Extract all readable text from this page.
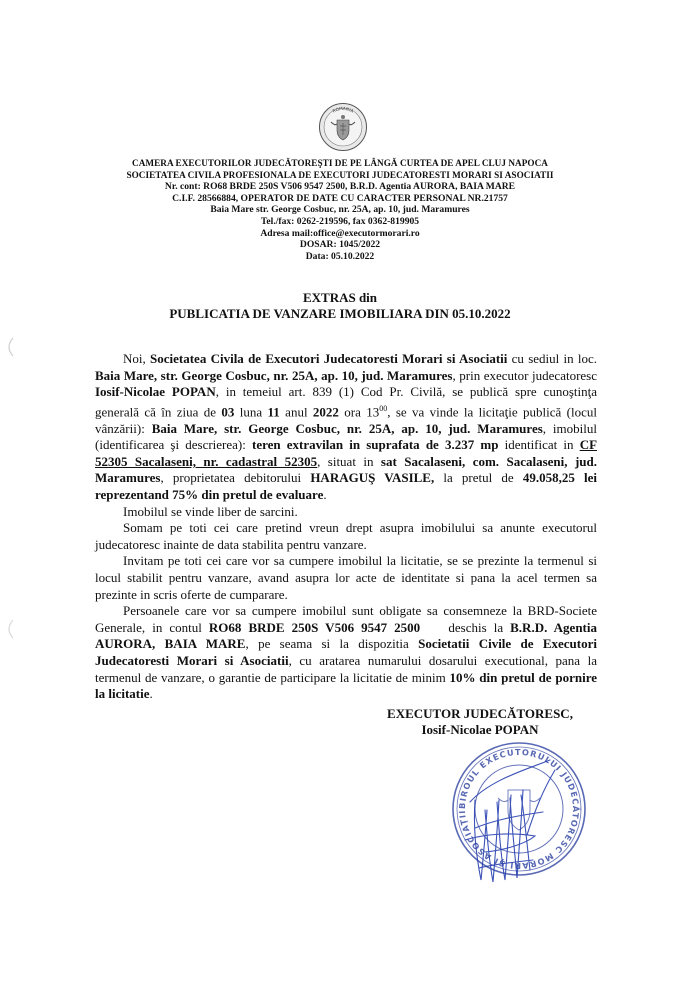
ROMANIA
CAMERA EXECUTORILOR JUDECĂTOREŞTI DE PE LÂNGĂ CURTEA DE APEL CLUJ NAPOCA
SOCIETATEA CIVILA PROFESIONALA DE EXECUTORI JUDECATORESTI MORARI SI ASOCIATII
Nr. cont: RO68 BRDE 250S V506 9547 2500, B.R.D. Agentia AURORA, BAIA MARE
C.I.F. 28566884, OPERATOR DE DATE CU CARACTER PERSONAL NR.21757
Baia Mare str. George Cosbuc, nr. 25A, ap. 10, jud. Maramures
Tel./fax: 0262-219596, fax 0362-819905
Adresa mail:office@executormorari.ro
DOSAR: 1045/2022
Data: 05.10.2022
EXTRAS din
PUBLICATIA DE VANZARE IMOBILIARA DIN 05.10.2022

Noi, Societatea Civila de Executori Judecatoresti Morari si Asociatii cu sediul in loc. Baia Mare, str. George Cosbuc, nr. 25A, ap. 10, jud. Maramures, prin executor judecatoresc Iosif-Nicolae POPAN, in temeiul art. 839 (1) Cod Pr. Civilă, se publică spre cunoştinţa generală că în ziua de 03 luna 11 anul 2022 ora $13^{00}$, se va vinde la licitaţie publică (locul vânzării): Baia Mare, str. George Cosbuc, nr. 25A, ap. 10, jud. Maramures, imobilul (identificarea şi descrierea): teren extravilan in suprafata de 3.237 mp identificat in CF 52305 Sacalaseni, nr. cadastral 52305, situat in sat Sacalaseni, com. Sacalaseni, jud. Maramures, proprietatea debitorului HARAGUŞ VASILE, la pretul de 49.058,25 lei reprezentand 75% din pretul de evaluare.

Imobilul se vinde liber de sarcini.

Somam pe toti cei care pretind vreun drept asupra imobilului sa anunte executorul judecatoresc inainte de data stabilita pentru vanzare.

Invitam pe toti cei care vor sa cumpere imobilul la licitatie, se se prezinte la termenul si locul stabilit pentru vanzare, avand asupra lor acte de identitate si pana la acel termen sa prezinte in scris oferte de cumparare.

Persoanele care vor sa cumpere imobilul sunt obligate sa consemneze la BRD-Societe Generale, in contul RO68 BRDE 250S V506 9547 2500    deschis la B.R.D. Agentia AURORA, BAIA MARE, pe seama si la dispozitia Societatii Civile de Executori Judecatoresti Morari si Asociatii, cu aratarea numarului dosarului executional, pana la termenul de vanzare, o garantie de participare la licitatie de minim 10% din pretul de pornire la licitatie.

EXECUTOR JUDECĂTORESC,
Iosif-Nicolae POPAN
BIROUL EXECUTORULUI JUDECĂTORESC MORARI ŞI ASOCIAŢII
